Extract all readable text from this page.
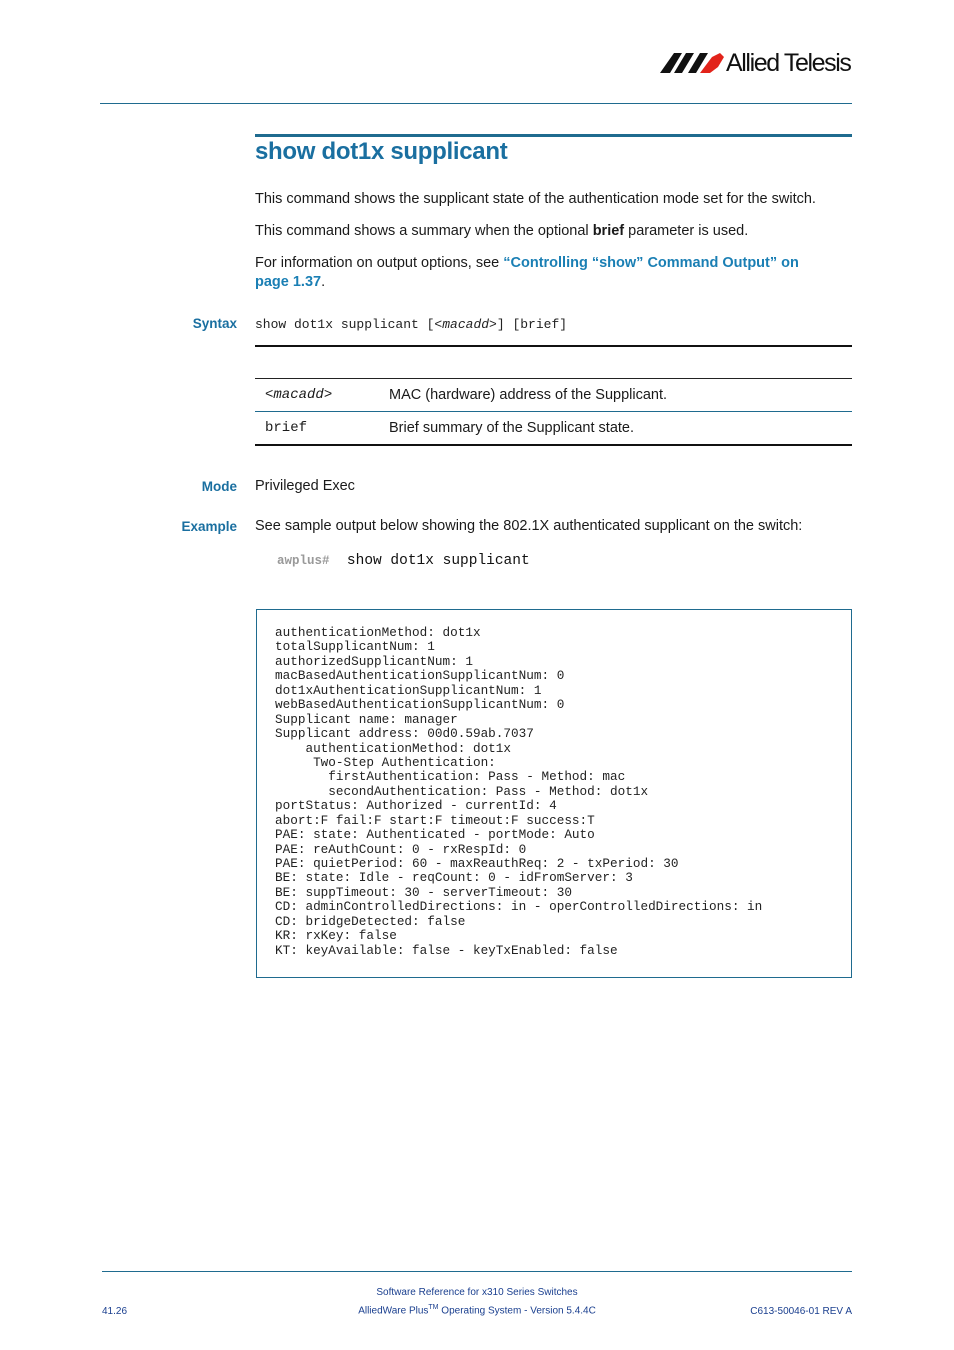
Allied Telesis
show dot1x supplicant

This command shows the supplicant state of the authentication mode set for the switch.

This command shows a summary when the optional brief parameter is used.

For information on output options, see “Controlling “show” Command Output” on
page 1.37.

Syntax show dot1x supplicant [<macadd>] [brief]
<macadd>	MAC (hardware) address of the Supplicant.
brief	Brief summary of the Supplicant state.
Mode Privileged Exec

Example See sample output below showing the 802.1X authenticated supplicant on the switch:

awplus# show dot1x supplicant
authenticationMethod: dot1x
totalSupplicantNum: 1
authorizedSupplicantNum: 1
macBasedAuthenticationSupplicantNum: 0
dot1xAuthenticationSupplicantNum: 1
webBasedAuthenticationSupplicantNum: 0
Supplicant name: manager
Supplicant address: 00d0.59ab.7037
authenticationMethod: dot1x
Two-Step Authentication:
firstAuthentication: Pass - Method: mac
secondAuthentication: Pass - Method: dot1x
portStatus: Authorized - currentId: 4
abort:F fail:F start:F timeout:F success:T
PAE: state: Authenticated - portMode: Auto
PAE: reAuthCount: 0 - rxRespId: 0
PAE: quietPeriod: 60 - maxReauthReq: 2 - txPeriod: 30
BE: state: Idle - reqCount: 0 - idFromServer: 3
BE: suppTimeout: 30 - serverTimeout: 30
CD: adminControlledDirections: in - operControlledDirections: in
CD: bridgeDetected: false
KR: rxKey: false
KT: keyAvailable: false - keyTxEnabled: false
Software Reference for x310 Series Switches
AlliedWare Plus™ Operating System - Version 5.4.4C
41.26	C613-50046-01 REV A
